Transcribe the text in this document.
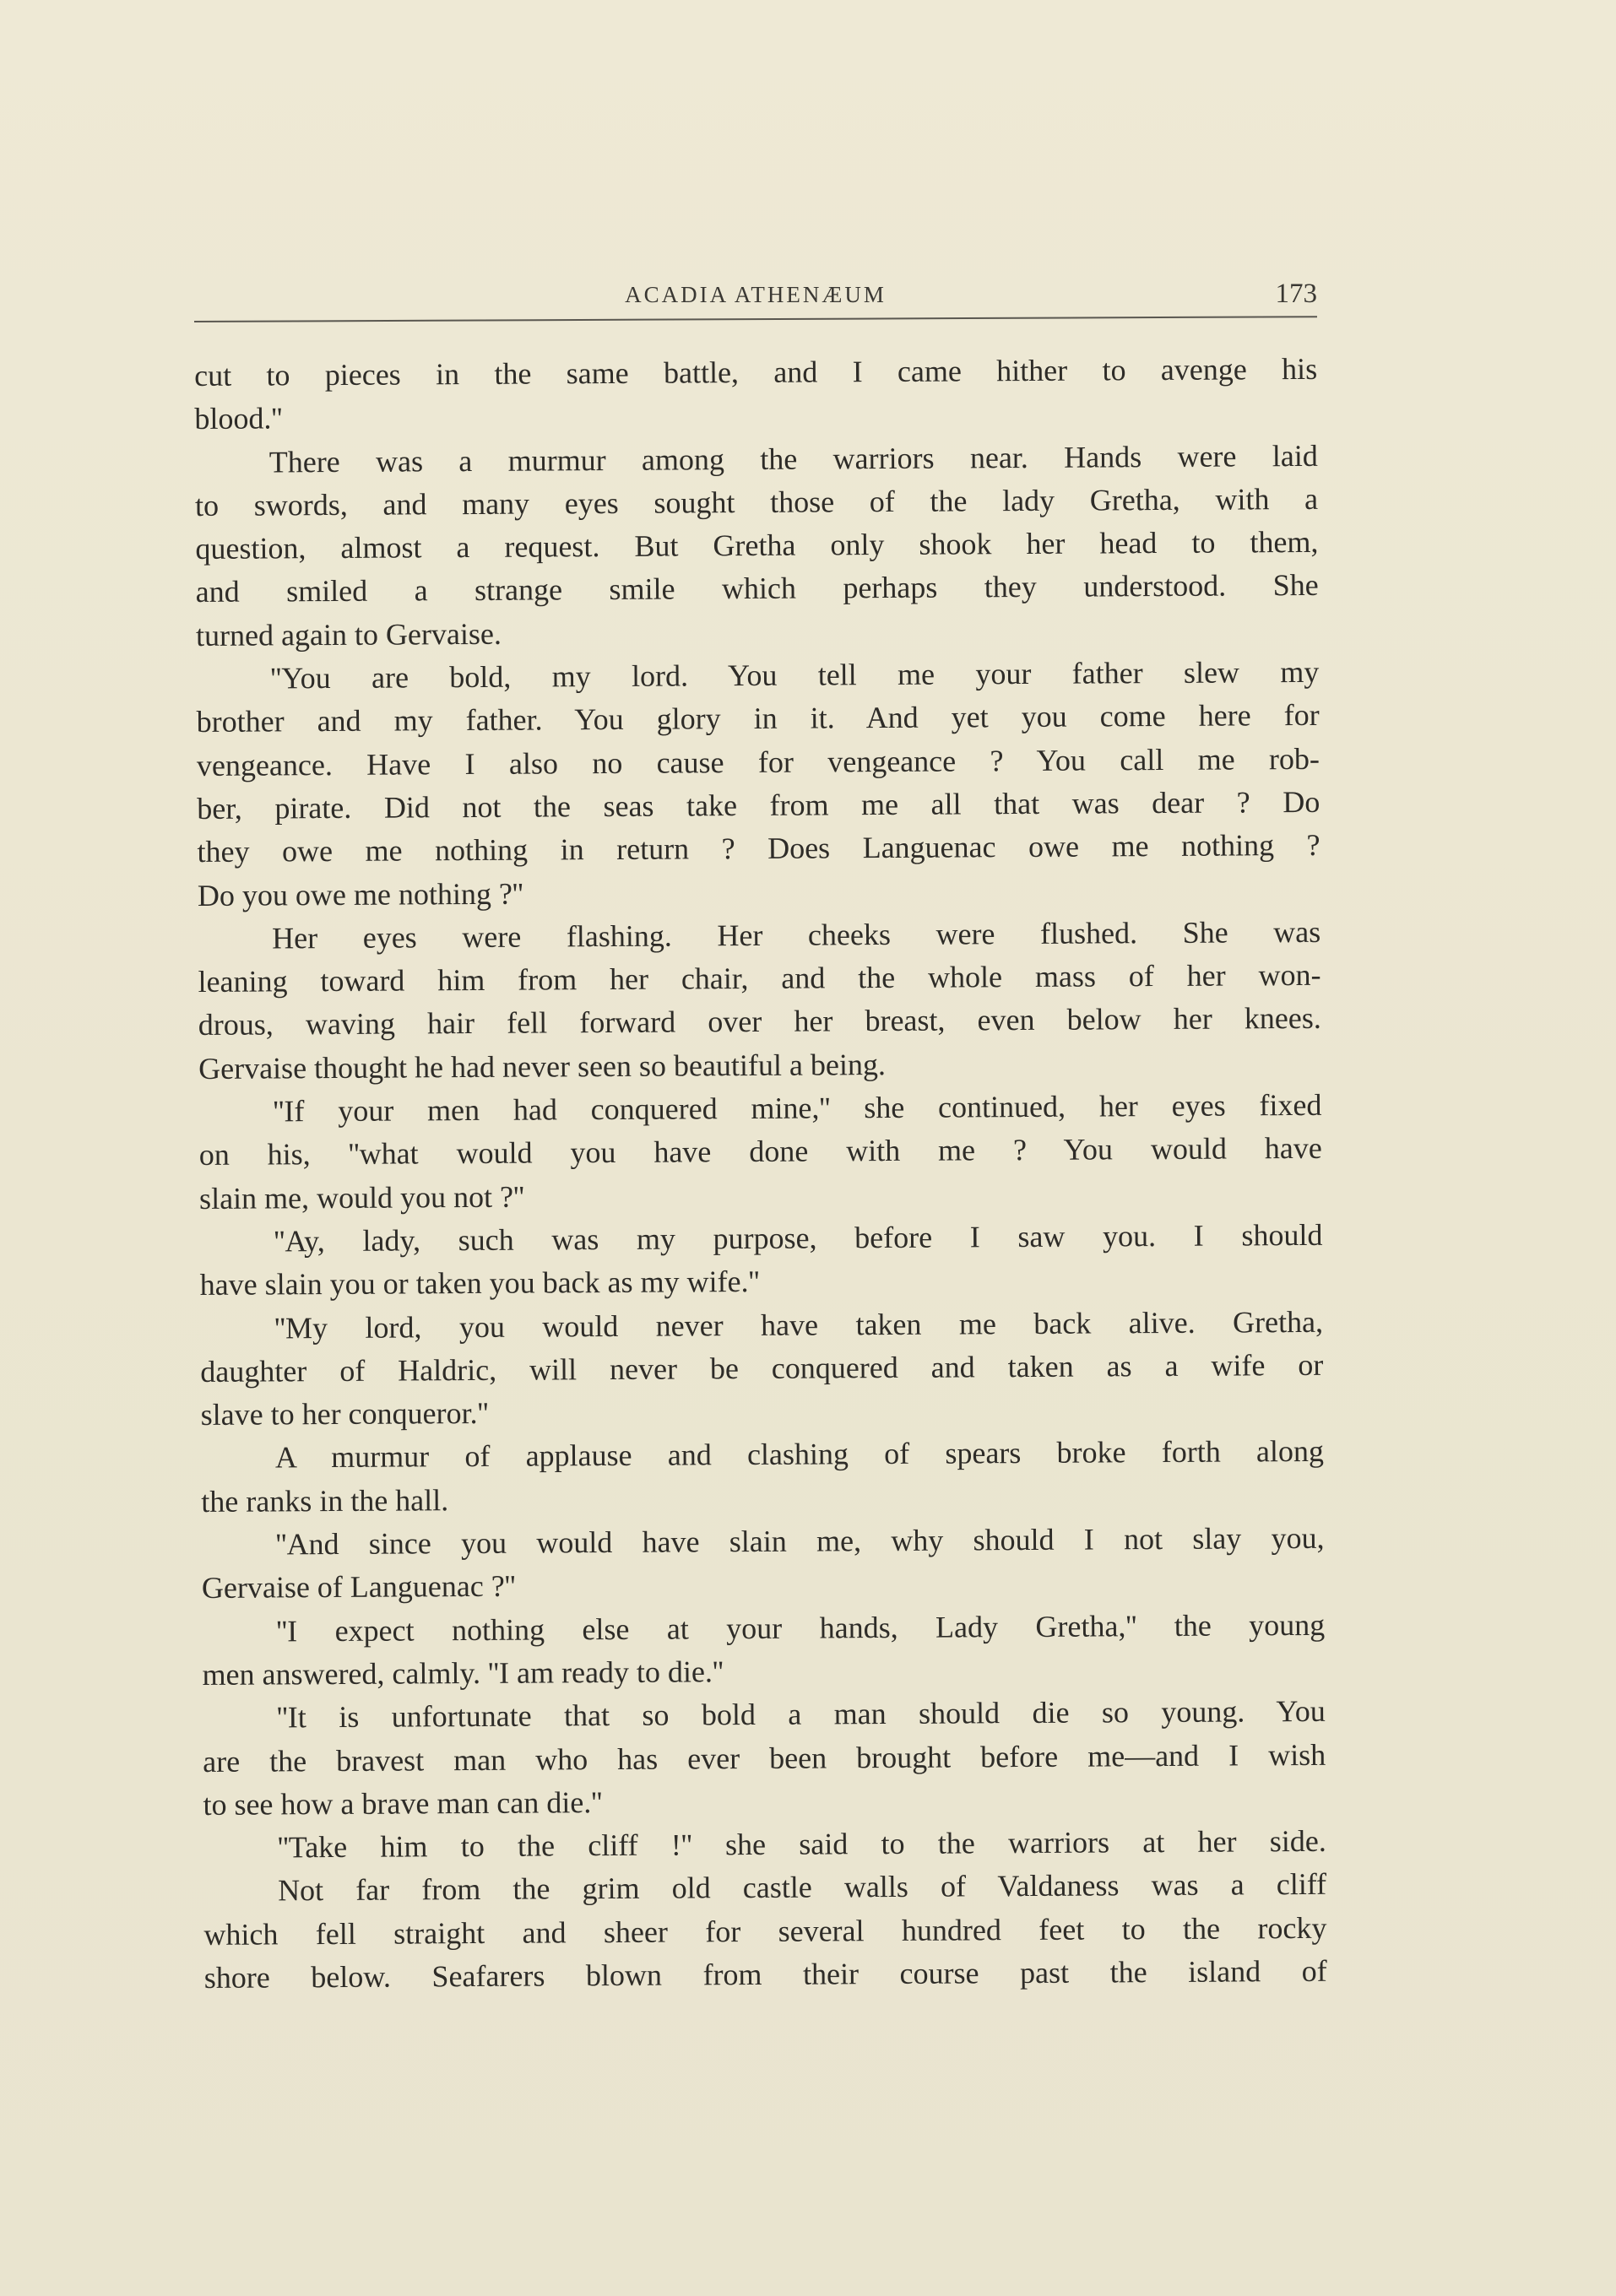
ACADIA ATHENÆUM	173
cut to pieces in the same battle, and I came hither to avenge his
blood.''
There was a murmur among the warriors near. Hands were laid
to swords, and many eyes sought those of the lady Gretha, with a
question, almost a request. But Gretha only shook her head to them,
and smiled a strange smile which perhaps they understood. She
turned again to Gervaise.
''You are bold, my lord. You tell me your father slew my
brother and my father. You glory in it. And yet you come here for
vengeance. Have I also no cause for vengeance ? You call me rob-
ber, pirate. Did not the seas take from me all that was dear ? Do
they owe me nothing in return ? Does Languenac owe me nothing ?
Do you owe me nothing ?''
Her eyes were flashing. Her cheeks were flushed. She was
leaning toward him from her chair, and the whole mass of her won-
drous, waving hair fell forward over her breast, even below her knees.
Gervaise thought he had never seen so beautiful a being.
''If your men had conquered mine,'' she continued, her eyes fixed
on his, ''what would you have done with me ? You would have
slain me, would you not ?''
''Ay, lady, such was my purpose, before I saw you. I should
have slain you or taken you back as my wife.''
''My lord, you would never have taken me back alive. Gretha,
daughter of Haldric, will never be conquered and taken as a wife or
slave to her conqueror.''
A murmur of applause and clashing of spears broke forth along
the ranks in the hall.
''And since you would have slain me, why should I not slay you,
Gervaise of Languenac ?''
''I expect nothing else at your hands, Lady Gretha,'' the young
men answered, calmly. ''I am ready to die.''
''It is unfortunate that so bold a man should die so young. You
are the bravest man who has ever been brought before me—and I wish
to see how a brave man can die.''
''Take him to the cliff !'' she said to the warriors at her side.
Not far from the grim old castle walls of Valdaness was a cliff
which fell straight and sheer for several hundred feet to the rocky
shore below. Seafarers blown from their course past the island of
